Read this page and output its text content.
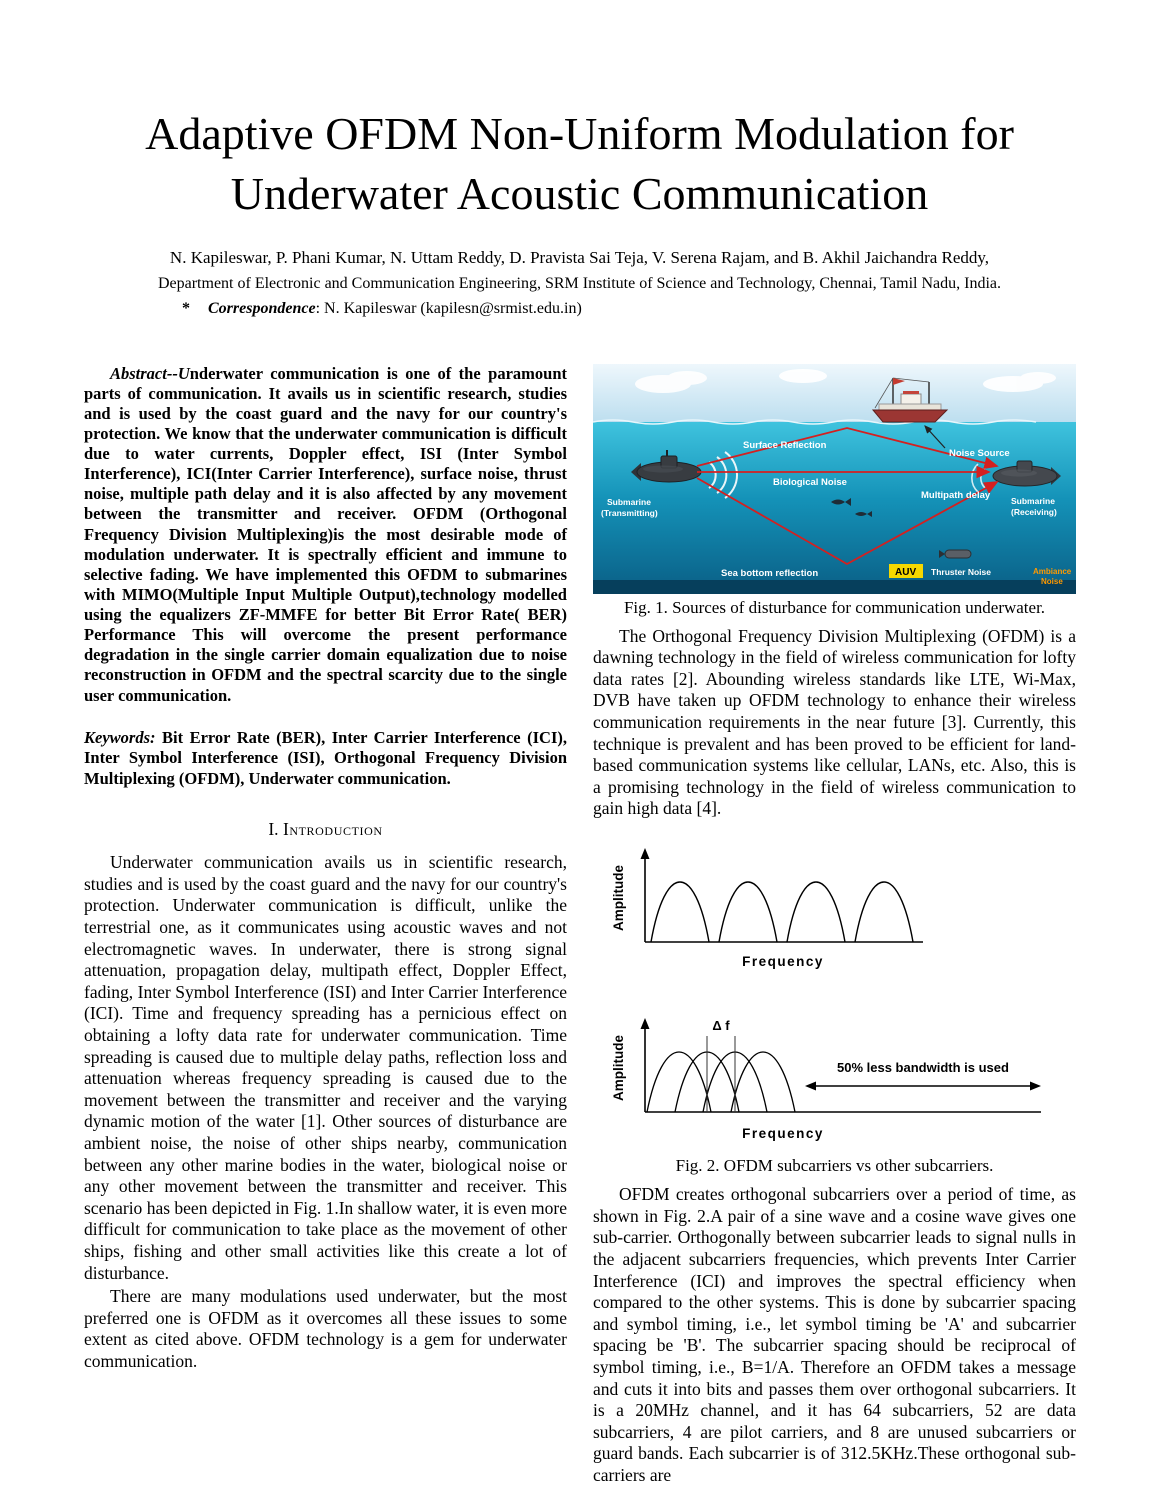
Adaptive OFDM Non-Uniform Modulation for
Underwater Acoustic Communication

N. Kapileswar, P. Phani Kumar, N. Uttam Reddy, D. Pravista Sai Teja, V. Serena Rajam, and B. Akhil Jaichandra Reddy,

Department of Electronic and Communication Engineering, SRM Institute of Science and Technology, Chennai, Tamil Nadu, India.

* Correspondence: N. Kapileswar (kapilesn@srmist.edu.in)

Abstract--Underwater communication is one of the paramount parts of communication. It avails us in scientific research, studies and is used by the coast guard and the navy for our country's protection. We know that the underwater communication is difficult due to water currents, Doppler effect, ISI (Inter Symbol Interference), ICI(Inter Carrier Interference), surface noise, thrust noise, multiple path delay and it is also affected by any movement between the transmitter and receiver. OFDM (Orthogonal Frequency Division Multiplexing)is the most desirable mode of modulation underwater. It is spectrally efficient and immune to selective fading. We have implemented this OFDM to submarines with MIMO(Multiple Input Multiple Output),technology modelled using the equalizers ZF-MMFE for better Bit Error Rate( BER) Performance This will overcome the present performance degradation in the single carrier domain equalization due to noise reconstruction in OFDM and the spectral scarcity due to the single user communication.

Keywords: Bit Error Rate (BER), Inter Carrier Interference (ICI), Inter Symbol Interference (ISI), Orthogonal Frequency Division Multiplexing (OFDM), Underwater communication.

I. Introduction

Underwater communication avails us in scientific research, studies and is used by the coast guard and the navy for our country's protection. Underwater communication is difficult, unlike the terrestrial one, as it communicates using acoustic waves and not electromagnetic waves. In underwater, there is strong signal attenuation, propagation delay, multipath effect, Doppler Effect, fading, Inter Symbol Interference (ISI) and Inter Carrier Interference (ICI). Time and frequency spreading has a pernicious effect on obtaining a lofty data rate for underwater communication. Time spreading is caused due to multiple delay paths, reflection loss and attenuation whereas frequency spreading is caused due to the movement between the transmitter and receiver and the varying dynamic motion of the water [1]. Other sources of disturbance are ambient noise, the noise of other ships nearby, communication between any other marine bodies in the water, biological noise or any other movement between the transmitter and receiver. This scenario has been depicted in Fig. 1.In shallow water, it is even more difficult for communication to take place as the movement of other ships, fishing and other small activities like this create a lot of disturbance.

There are many modulations used underwater, but the most preferred one is OFDM as it overcomes all these issues to some extent as cited above. OFDM technology is a gem for underwater communication.

Surface Reflection
Noise Source
Biological Noise
Multipath delay
Submarine
(Transmitting)
Submarine
(Receiving)
Sea bottom reflection	AUV Thruster Noise	Ambiance
Noise

Fig. 1. Sources of disturbance for communication underwater.

The Orthogonal Frequency Division Multiplexing (OFDM) is a dawning technology in the field of wireless communication for lofty data rates [2]. Abounding wireless standards like LTE, Wi-Max, DVB have taken up OFDM technology to enhance their wireless communication requirements in the near future [3]. Currently, this technique is prevalent and has been proved to be efficient for land-based communication systems like cellular, LANs, etc. Also, this is a promising technology in the field of wireless communication to gain high data [4].

Amplitude
Frequency
Δ f
50% less bandwidth is used
Amplitude
Frequency

Fig. 2. OFDM subcarriers vs other subcarriers.

OFDM creates orthogonal subcarriers over a period of time, as shown in Fig. 2.A pair of a sine wave and a cosine wave gives one sub-carrier. Orthogonally between subcarrier leads to signal nulls in the adjacent subcarriers frequencies, which prevents Inter Carrier Interference (ICI) and improves the spectral efficiency when compared to the other systems. This is done by subcarrier spacing and symbol timing, i.e., let symbol timing be 'A' and subcarrier spacing be 'B'. The subcarrier spacing should be reciprocal of symbol timing, i.e., B=1/A. Therefore an OFDM takes a message and cuts it into bits and passes them over orthogonal subcarriers. It is a 20MHz channel, and it has 64 subcarriers, 52 are data subcarriers, 4 are pilot carriers, and 8 are unused subcarriers or guard bands. Each subcarrier is of 312.5KHz.These orthogonal sub-carriers are
